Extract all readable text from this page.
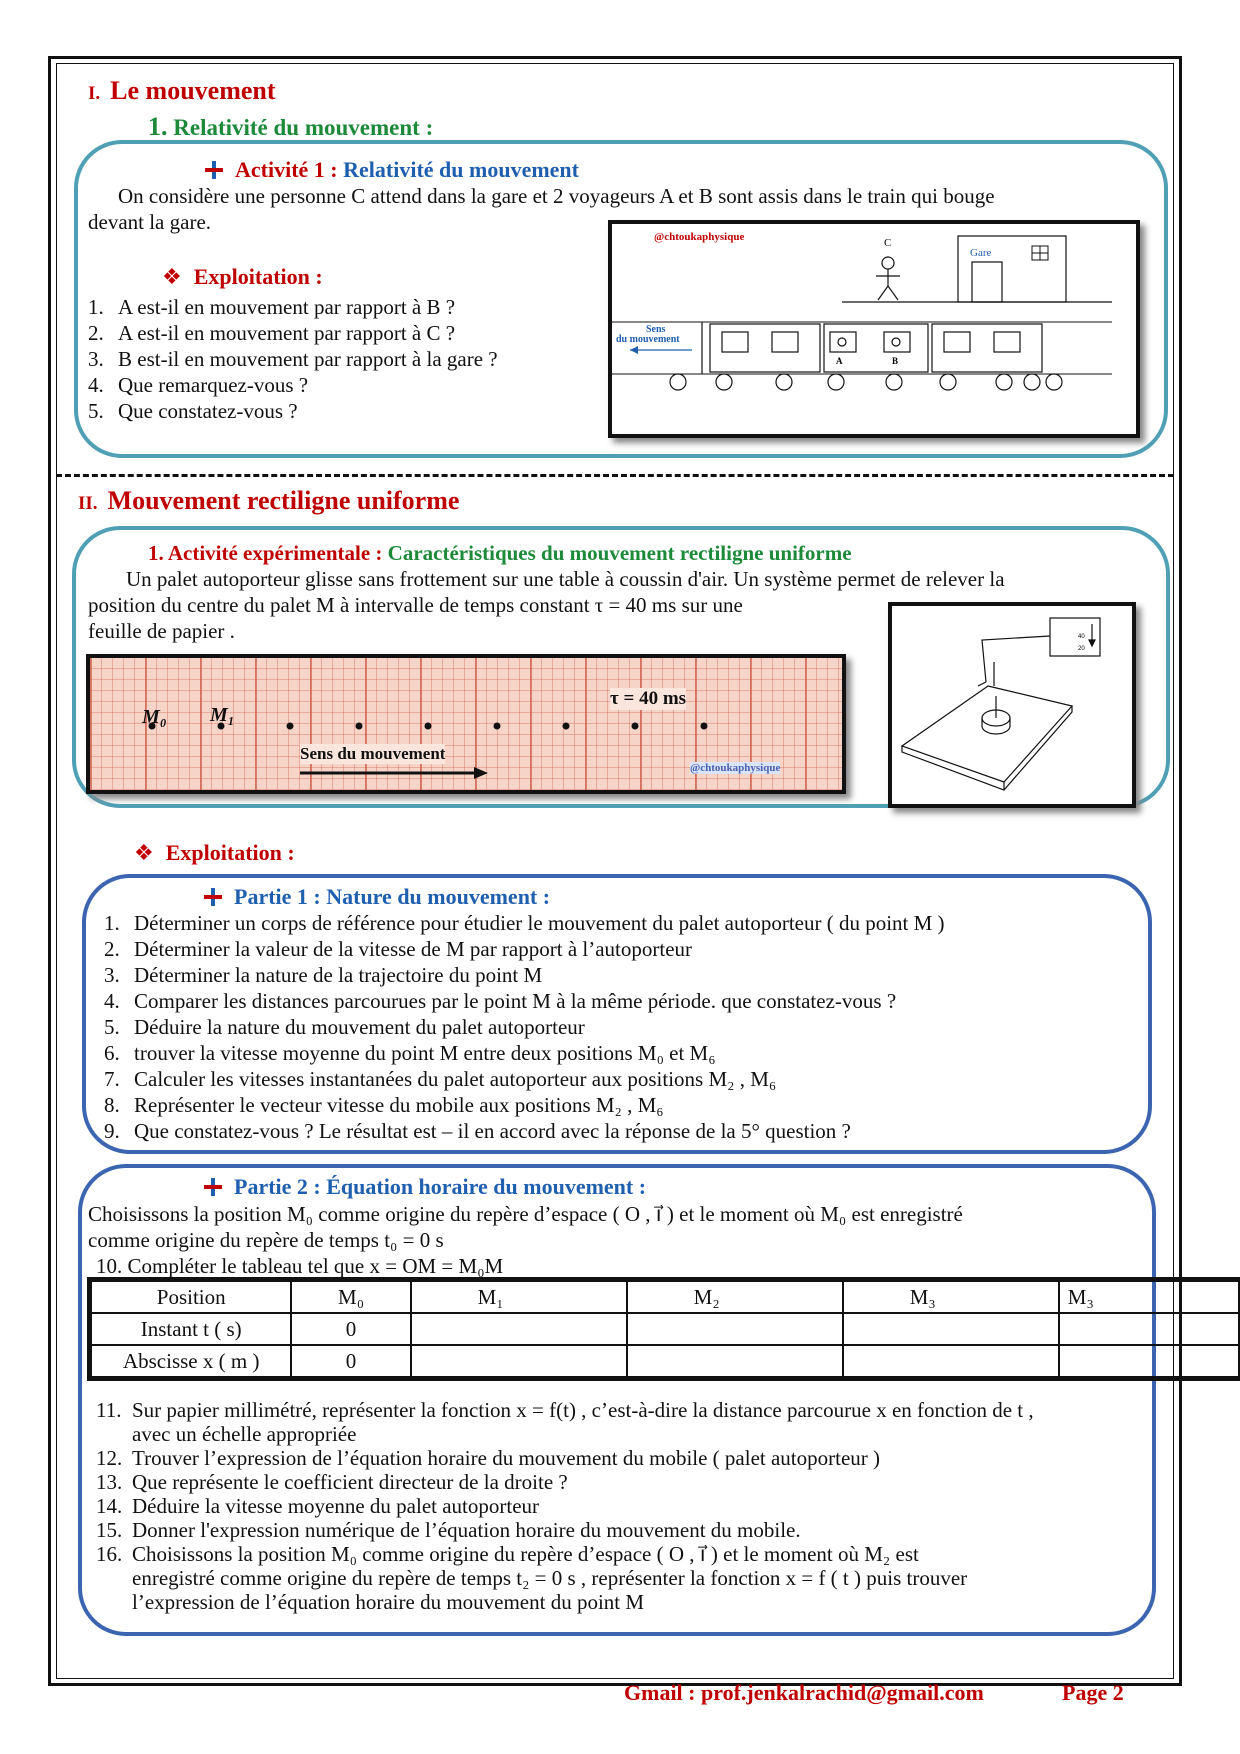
I. Le mouvement
1. Relativité du mouvement :
Activité 1 : Relativité du mouvement
On considère une personne C attend dans la gare et 2 voyageurs A et B sont assis dans le train qui bouge
devant la gare.
❖ Exploitation :
1. A est-il en mouvement par rapport à B ?
2. A est-il en mouvement par rapport à C ?
3. B est-il en mouvement par rapport à la gare ?
4. Que remarquez-vous ?
5. Que constatez-vous ?
@chtoukaphysique	C
Gare
Sens
du mouvement
A	B
II. Mouvement rectiligne uniforme
1. Activité expérimentale : Caractéristiques du mouvement rectiligne uniforme
Un palet autoporteur glisse sans frottement sur une table à coussin d'air. Un système permet de relever la
position du centre du palet M à intervalle de temps constant τ = 40 ms sur une
feuille de papier .
M₀ M₁
τ = 40 ms
Sens du mouvement
@chtoukaphysique
40
20
❖ Exploitation :
Partie 1 : Nature du mouvement :
1. Déterminer un corps de référence pour étudier le mouvement du palet autoporteur ( du point M )
2. Déterminer la valeur de la vitesse de M par rapport à l’autoporteur
3. Déterminer la nature de la trajectoire du point M
4. Comparer les distances parcourues par le point M à la même période. que constatez-vous ?
5. Déduire la nature du mouvement du palet autoporteur
6. trouver la vitesse moyenne du point M entre deux positions M₀ et M₆
7. Calculer les vitesses instantanées du palet autoporteur aux positions M₂ , M₆
8. Représenter le vecteur vitesse du mobile aux positions M₂ , M₆
9. Que constatez-vous ? Le résultat est – il en accord avec la réponse de la 5° question ?
Partie 2 : Équation horaire du mouvement :
Choisissons la position M₀ comme origine du repère d’espace ( O , i⃗ ) et le moment où M₀ est enregistré
comme origine du repère de temps t₀ = 0 s
10. Compléter le tableau tel que x = OM = M₀M
Position	M₀	M₁	M₂	M₃	M₃
Instant t ( s)	0				
Abscisse x ( m )	0				
11. Sur papier millimétré, représenter la fonction x = f(t) , c’est-à-dire la distance parcourue x en fonction de t ,
avec un échelle appropriée
12. Trouver l’expression de l’équation horaire du mouvement du mobile ( palet autoporteur )
13. Que représente le coefficient directeur de la droite ?
14. Déduire la vitesse moyenne du palet autoporteur
15. Donner l'expression numérique de l’équation horaire du mouvement du mobile.
16. Choisissons la position M₀ comme origine du repère d’espace ( O , i⃗ ) et le moment où M₂ est
enregistré comme origine du repère de temps t₂ = 0 s , représenter la fonction x = f ( t ) puis trouver
l’expression de l’équation horaire du mouvement du point M
Gmail : prof.jenkalrachid@gmail.com	Page 2
